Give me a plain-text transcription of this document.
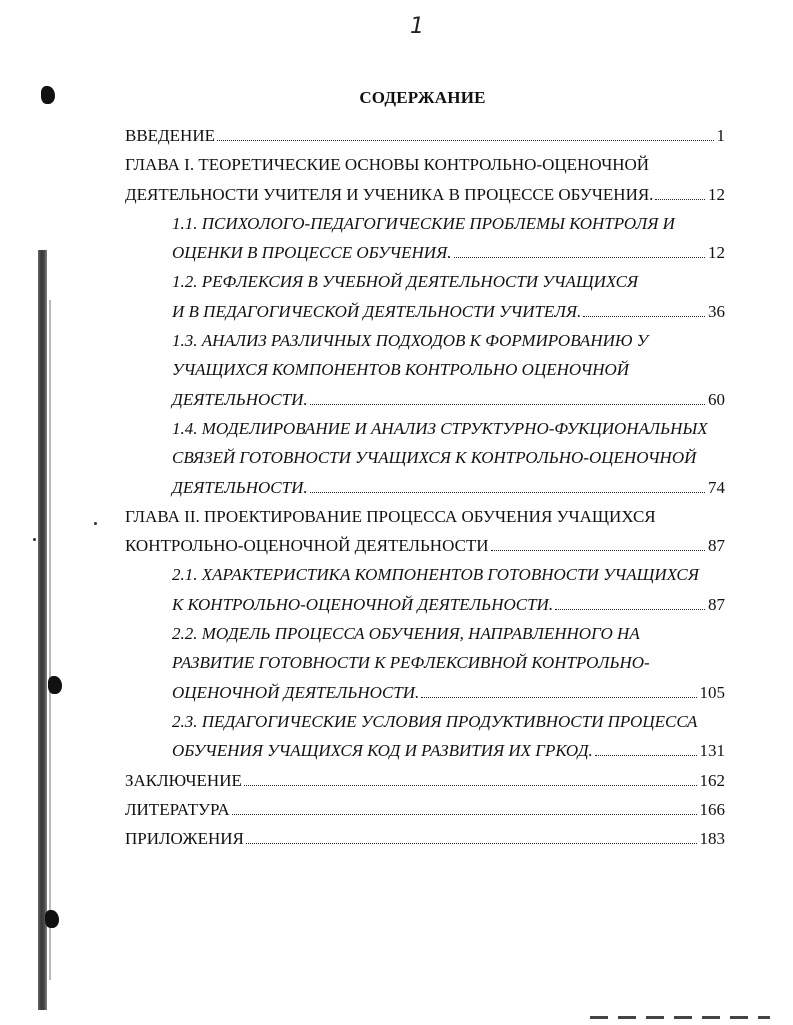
1
СОДЕРЖАНИЕ
ВВЕДЕНИЕ	1
ГЛАВА I. ТЕОРЕТИЧЕСКИЕ ОСНОВЫ КОНТРОЛЬНО-ОЦЕНОЧНОЙ
ДЕЯТЕЛЬНОСТИ УЧИТЕЛЯ И УЧЕНИКА В ПРОЦЕССЕ ОБУЧЕНИЯ.	12
1.1. ПСИХОЛОГО-ПЕДАГОГИЧЕСКИЕ ПРОБЛЕМЫ КОНТРОЛЯ И
ОЦЕНКИ В ПРОЦЕССЕ ОБУЧЕНИЯ.	12
1.2. РЕФЛЕКСИЯ В УЧЕБНОЙ ДЕЯТЕЛЬНОСТИ УЧАЩИХСЯ
И В ПЕДАГОГИЧЕСКОЙ ДЕЯТЕЛЬНОСТИ УЧИТЕЛЯ.	36
1.3. АНАЛИЗ РАЗЛИЧНЫХ ПОДХОДОВ К ФОРМИРОВАНИЮ У
УЧАЩИХСЯ КОМПОНЕНТОВ КОНТРОЛЬНО ОЦЕНОЧНОЙ
ДЕЯТЕЛЬНОСТИ.	60
1.4. МОДЕЛИРОВАНИЕ И АНАЛИЗ СТРУКТУРНО-ФУКЦИОНАЛЬНЫХ
СВЯЗЕЙ ГОТОВНОСТИ УЧАЩИХСЯ К КОНТРОЛЬНО-ОЦЕНОЧНОЙ
ДЕЯТЕЛЬНОСТИ.	74
ГЛАВА II. ПРОЕКТИРОВАНИЕ ПРОЦЕССА ОБУЧЕНИЯ УЧАЩИХСЯ
КОНТРОЛЬНО-ОЦЕНОЧНОЙ ДЕЯТЕЛЬНОСТИ	87
2.1. ХАРАКТЕРИСТИКА КОМПОНЕНТОВ ГОТОВНОСТИ УЧАЩИХСЯ
К КОНТРОЛЬНО-ОЦЕНОЧНОЙ ДЕЯТЕЛЬНОСТИ.	87
2.2. МОДЕЛЬ ПРОЦЕССА ОБУЧЕНИЯ, НАПРАВЛЕННОГО НА
РАЗВИТИЕ ГОТОВНОСТИ К РЕФЛЕКСИВНОЙ КОНТРОЛЬНО-
ОЦЕНОЧНОЙ ДЕЯТЕЛЬНОСТИ.	105
2.3. ПЕДАГОГИЧЕСКИЕ УСЛОВИЯ ПРОДУКТИВНОСТИ ПРОЦЕССА
ОБУЧЕНИЯ УЧАЩИХСЯ КОД И РАЗВИТИЯ ИХ ГРКОД.	131
ЗАКЛЮЧЕНИЕ	162
ЛИТЕРАТУРА	166
ПРИЛОЖЕНИЯ	183
